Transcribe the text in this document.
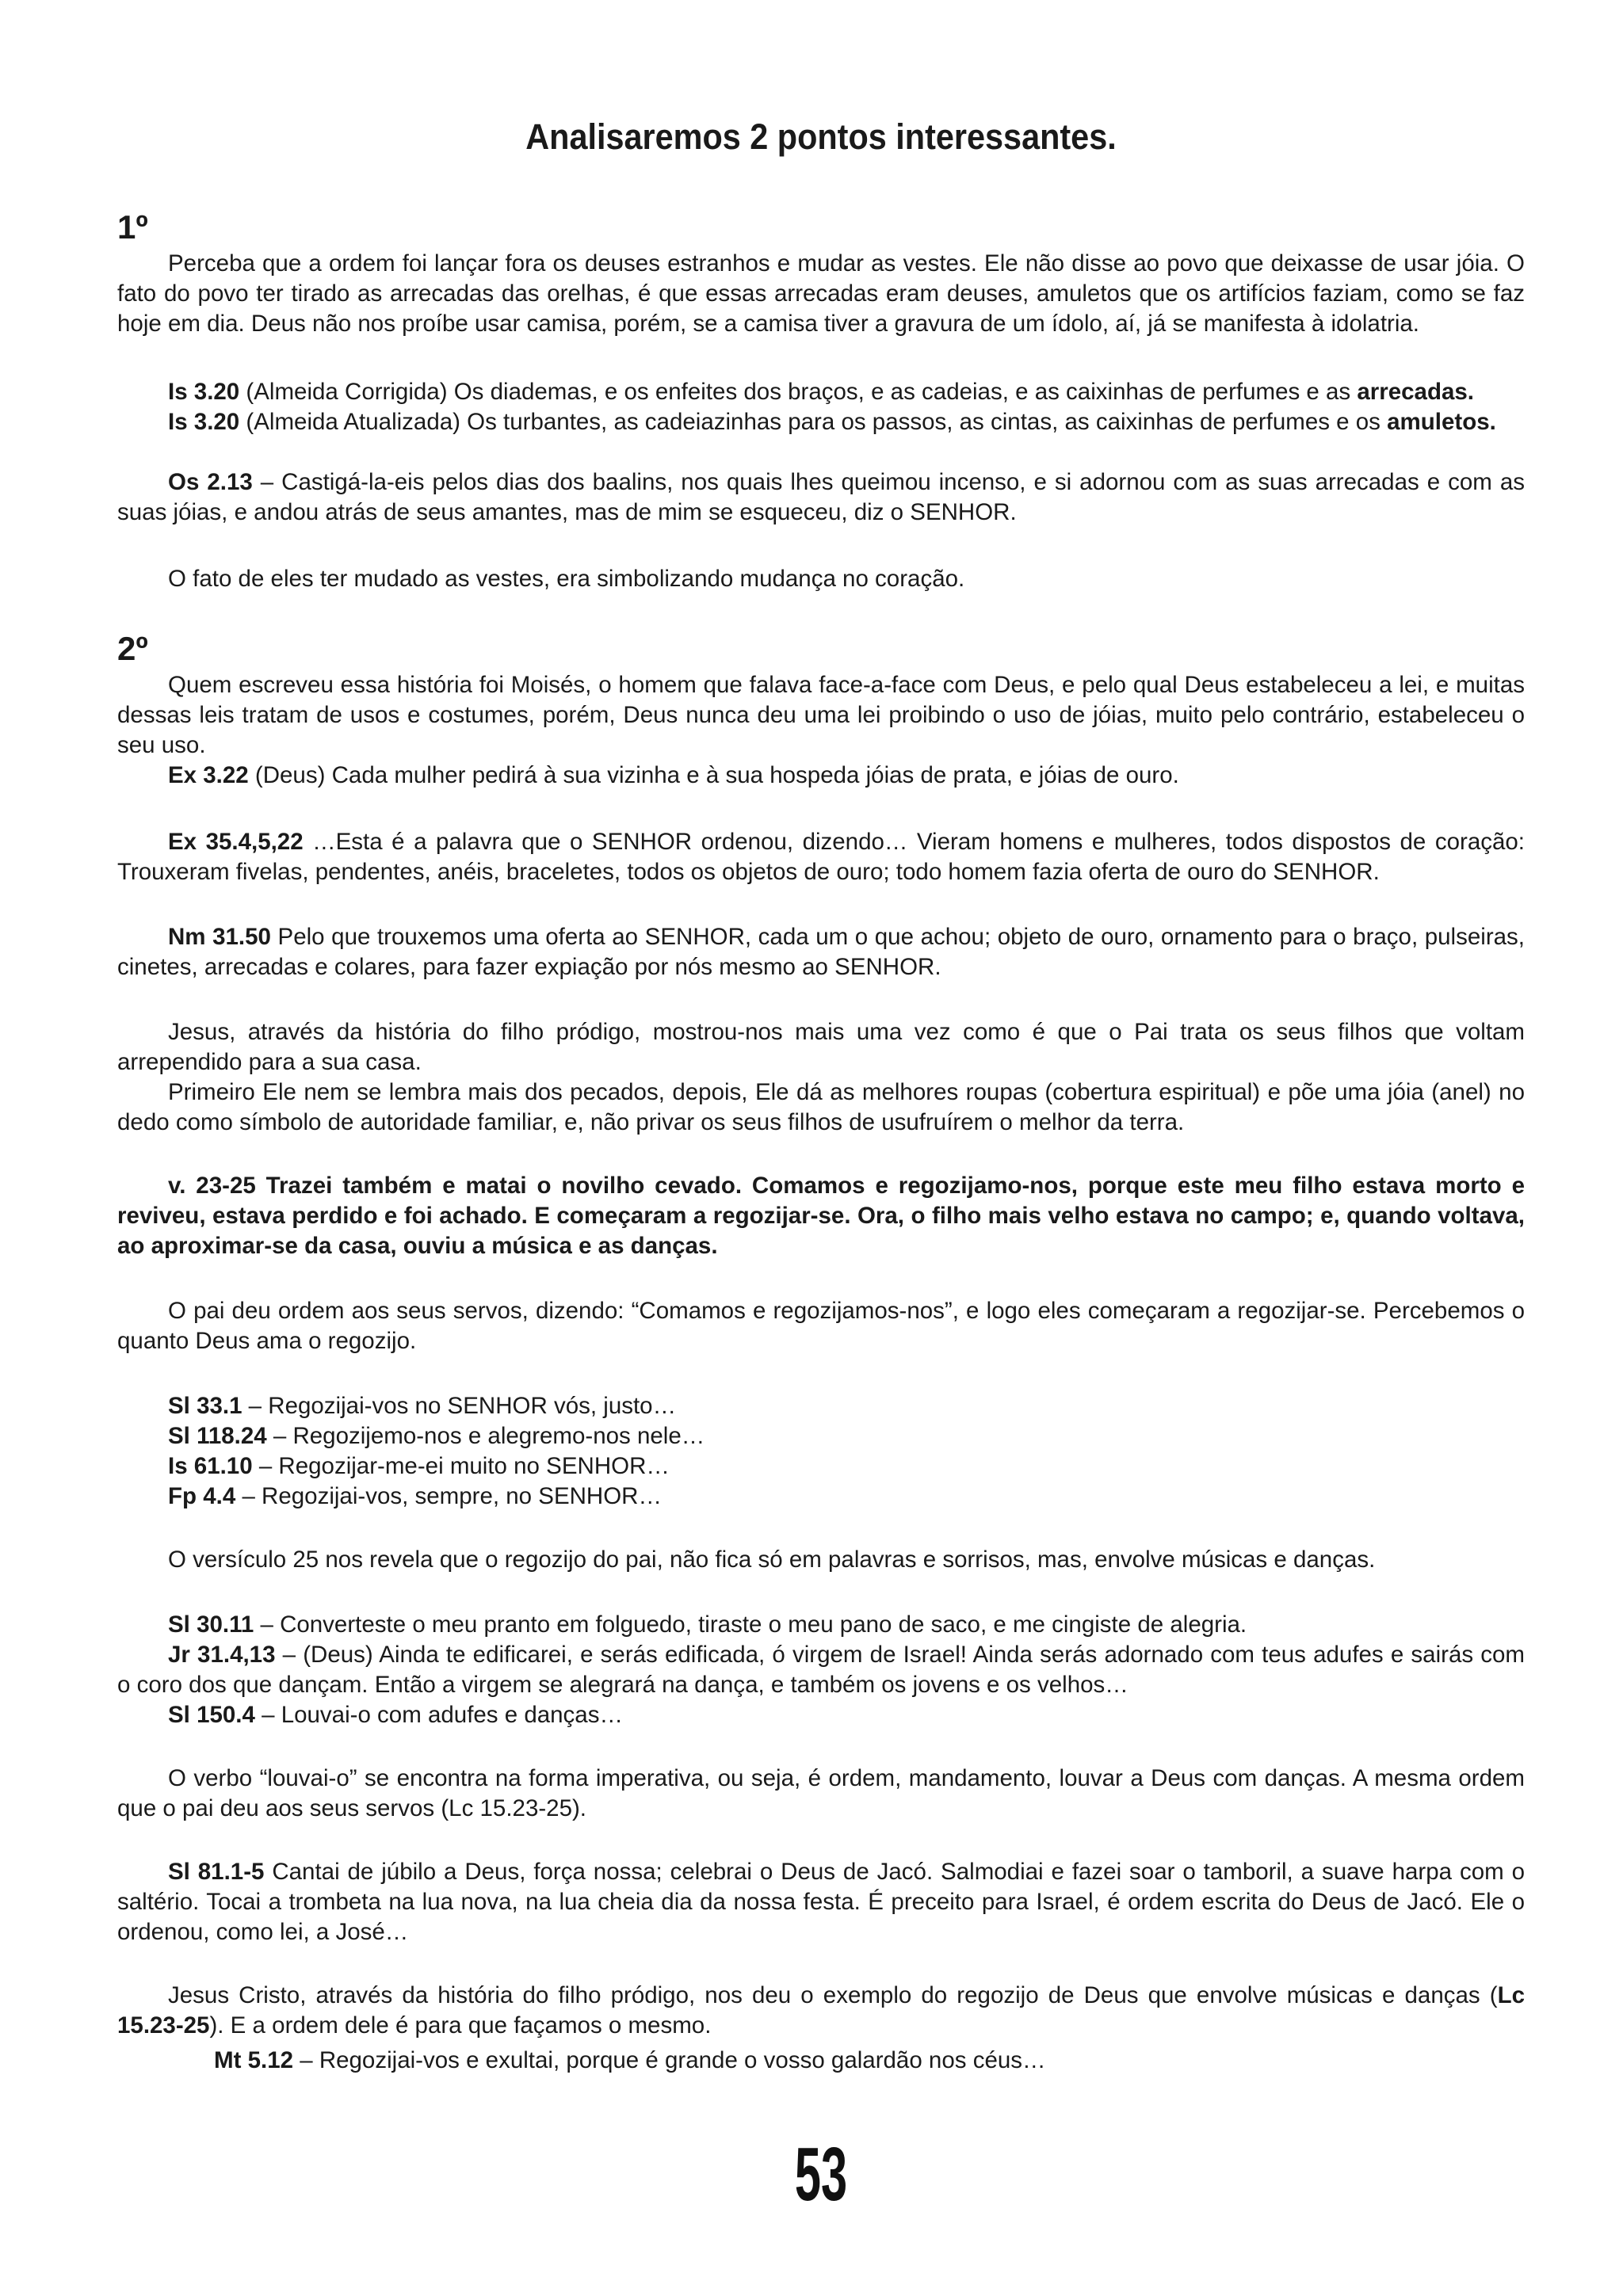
Analisaremos 2 pontos interessantes.
1º

Perceba que a ordem foi lançar fora os deuses estranhos e mudar as vestes. Ele não disse ao povo que deixasse de usar jóia. O fato do povo ter tirado as arrecadas das orelhas, é que essas arrecadas eram deuses, amuletos que os artifícios faziam, como se faz hoje em dia. Deus não nos proíbe usar camisa, porém, se a camisa tiver a gravura de um ídolo, aí, já se manifesta à idolatria.

Is 3.20 (Almeida Corrigida) Os diademas, e os enfeites dos braços, e as cadeias, e as caixinhas de perfumes e as arrecadas.

Is 3.20 (Almeida Atualizada) Os turbantes, as cadeiazinhas para os passos, as cintas, as caixinhas de perfumes e os amuletos.

Os 2.13 – Castigá-la-eis pelos dias dos baalins, nos quais lhes queimou incenso, e si adornou com as suas arrecadas e com as suas jóias, e andou atrás de seus amantes, mas de mim se esqueceu, diz o SENHOR.

O fato de eles ter mudado as vestes, era simbolizando mudança no coração.

2º

Quem escreveu essa história foi Moisés, o homem que falava face-a-face com Deus, e pelo qual Deus estabeleceu a lei, e muitas dessas leis tratam de usos e costumes, porém, Deus nunca deu uma lei proibindo o uso de jóias, muito pelo contrário, estabeleceu o seu uso.

Ex 3.22 (Deus) Cada mulher pedirá à sua vizinha e à sua hospeda jóias de prata, e jóias de ouro.

Ex 35.4,5,22 …Esta é a palavra que o SENHOR ordenou, dizendo… Vieram homens e mulheres, todos dispostos de coração: Trouxeram fivelas, pendentes, anéis, braceletes, todos os objetos de ouro; todo homem fazia oferta de ouro do SENHOR.

Nm 31.50 Pelo que trouxemos uma oferta ao SENHOR, cada um o que achou; objeto de ouro, ornamento para o braço, pulseiras, cinetes, arrecadas e colares, para fazer expiação por nós mesmo ao SENHOR.

Jesus, através da história do filho pródigo, mostrou-nos mais uma vez como é que o Pai trata os seus filhos que voltam arrependido para a sua casa.

Primeiro Ele nem se lembra mais dos pecados, depois, Ele dá as melhores roupas (cobertura espiritual) e põe uma jóia (anel) no dedo como símbolo de autoridade familiar, e, não privar os seus filhos de usufruírem o melhor da terra.

v. 23-25 Trazei também e matai o novilho cevado. Comamos e regozijamo-nos, porque este meu filho estava morto e reviveu, estava perdido e foi achado. E começaram a regozijar-se. Ora, o filho mais velho estava no campo; e, quando voltava, ao aproximar-se da casa, ouviu a música e as danças.

O pai deu ordem aos seus servos, dizendo: “Comamos e regozijamos-nos”, e logo eles começaram a regozijar-se. Percebemos o quanto Deus ama o regozijo.

Sl 33.1 – Regozijai-vos no SENHOR vós, justo…

Sl 118.24 – Regozijemo-nos e alegremo-nos nele…

Is 61.10 – Regozijar-me-ei muito no SENHOR…

Fp 4.4 – Regozijai-vos, sempre, no SENHOR…

O versículo 25 nos revela que o regozijo do pai, não fica só em palavras e sorrisos, mas, envolve músicas e danças.

Sl 30.11 – Converteste o meu pranto em folguedo, tiraste o meu pano de saco, e me cingiste de alegria.

Jr 31.4,13 – (Deus) Ainda te edificarei, e serás edificada, ó virgem de Israel! Ainda serás adornado com teus adufes e sairás com o coro dos que dançam. Então a virgem se alegrará na dança, e também os jovens e os velhos…

Sl 150.4 – Louvai-o com adufes e danças…

O verbo “louvai-o” se encontra na forma imperativa, ou seja, é ordem, mandamento, louvar a Deus com danças. A mesma ordem que o pai deu aos seus servos (Lc 15.23-25).

Sl 81.1-5 Cantai de júbilo a Deus, força nossa; celebrai o Deus de Jacó. Salmodiai e fazei soar o tamboril, a suave harpa com o saltério. Tocai a trombeta na lua nova, na lua cheia dia da nossa festa. É preceito para Israel, é ordem escrita do Deus de Jacó. Ele o ordenou, como lei, a José…

Jesus Cristo, através da história do filho pródigo, nos deu o exemplo do regozijo de Deus que envolve músicas e danças (Lc 15.23-25). E a ordem dele é para que façamos o mesmo.

Mt 5.12 – Regozijai-vos e exultai, porque é grande o vosso galardão nos céus…

53
